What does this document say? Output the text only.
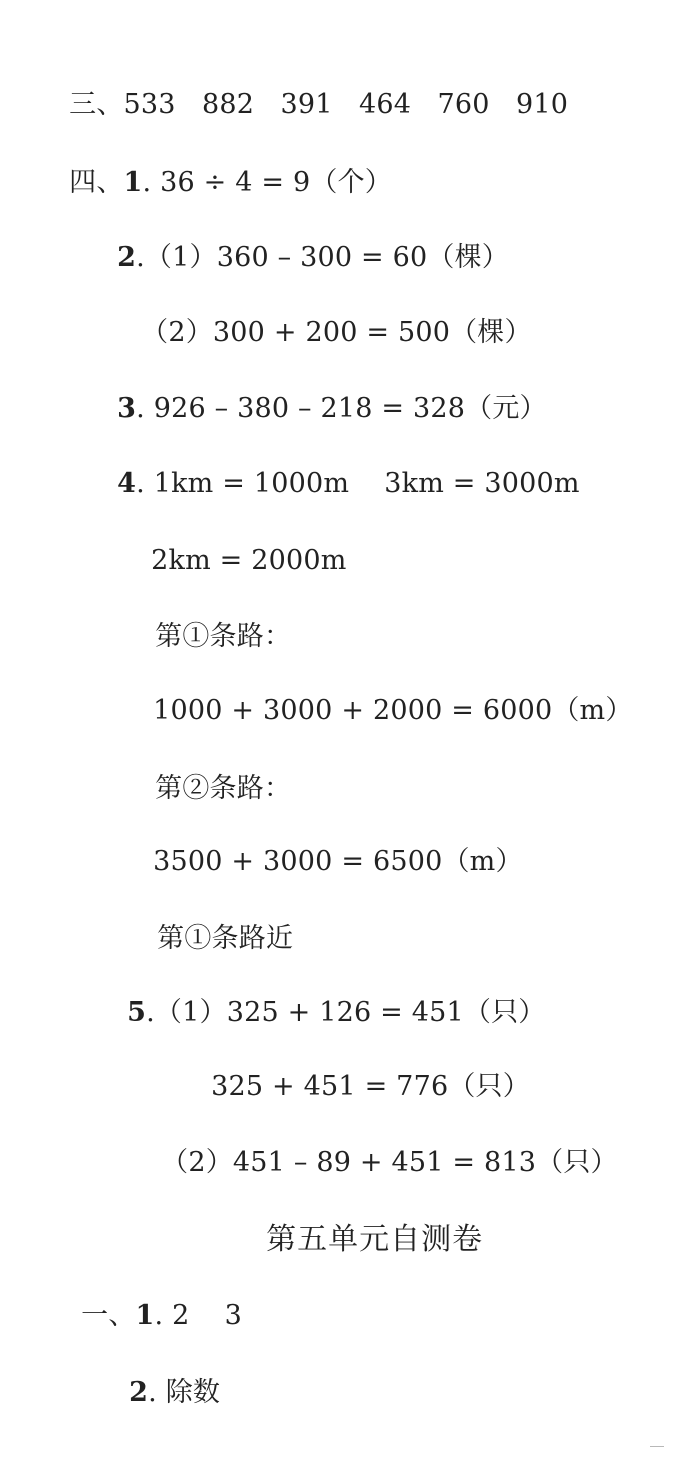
三、533   882   391   464   760   910

四、1. 36 ÷ 4 = 9（个）

2.（1）360 – 300 = 60（棵）

（2）300 + 200 = 500（棵）

3. 926 – 380 – 218 = 328（元）

4. 1km = 1000m    3km = 3000m

2km = 2000m

第①条路：

1000 + 3000 + 2000 = 6000（m）

第②条路：

3500 + 3000 = 6500（m）

第①条路近

5.（1）325 + 126 = 451（只）

325 + 451 = 776（只）

（2）451 – 89 + 451 = 813（只）

第五单元自测卷

一、1. 2    3

2. 除数
